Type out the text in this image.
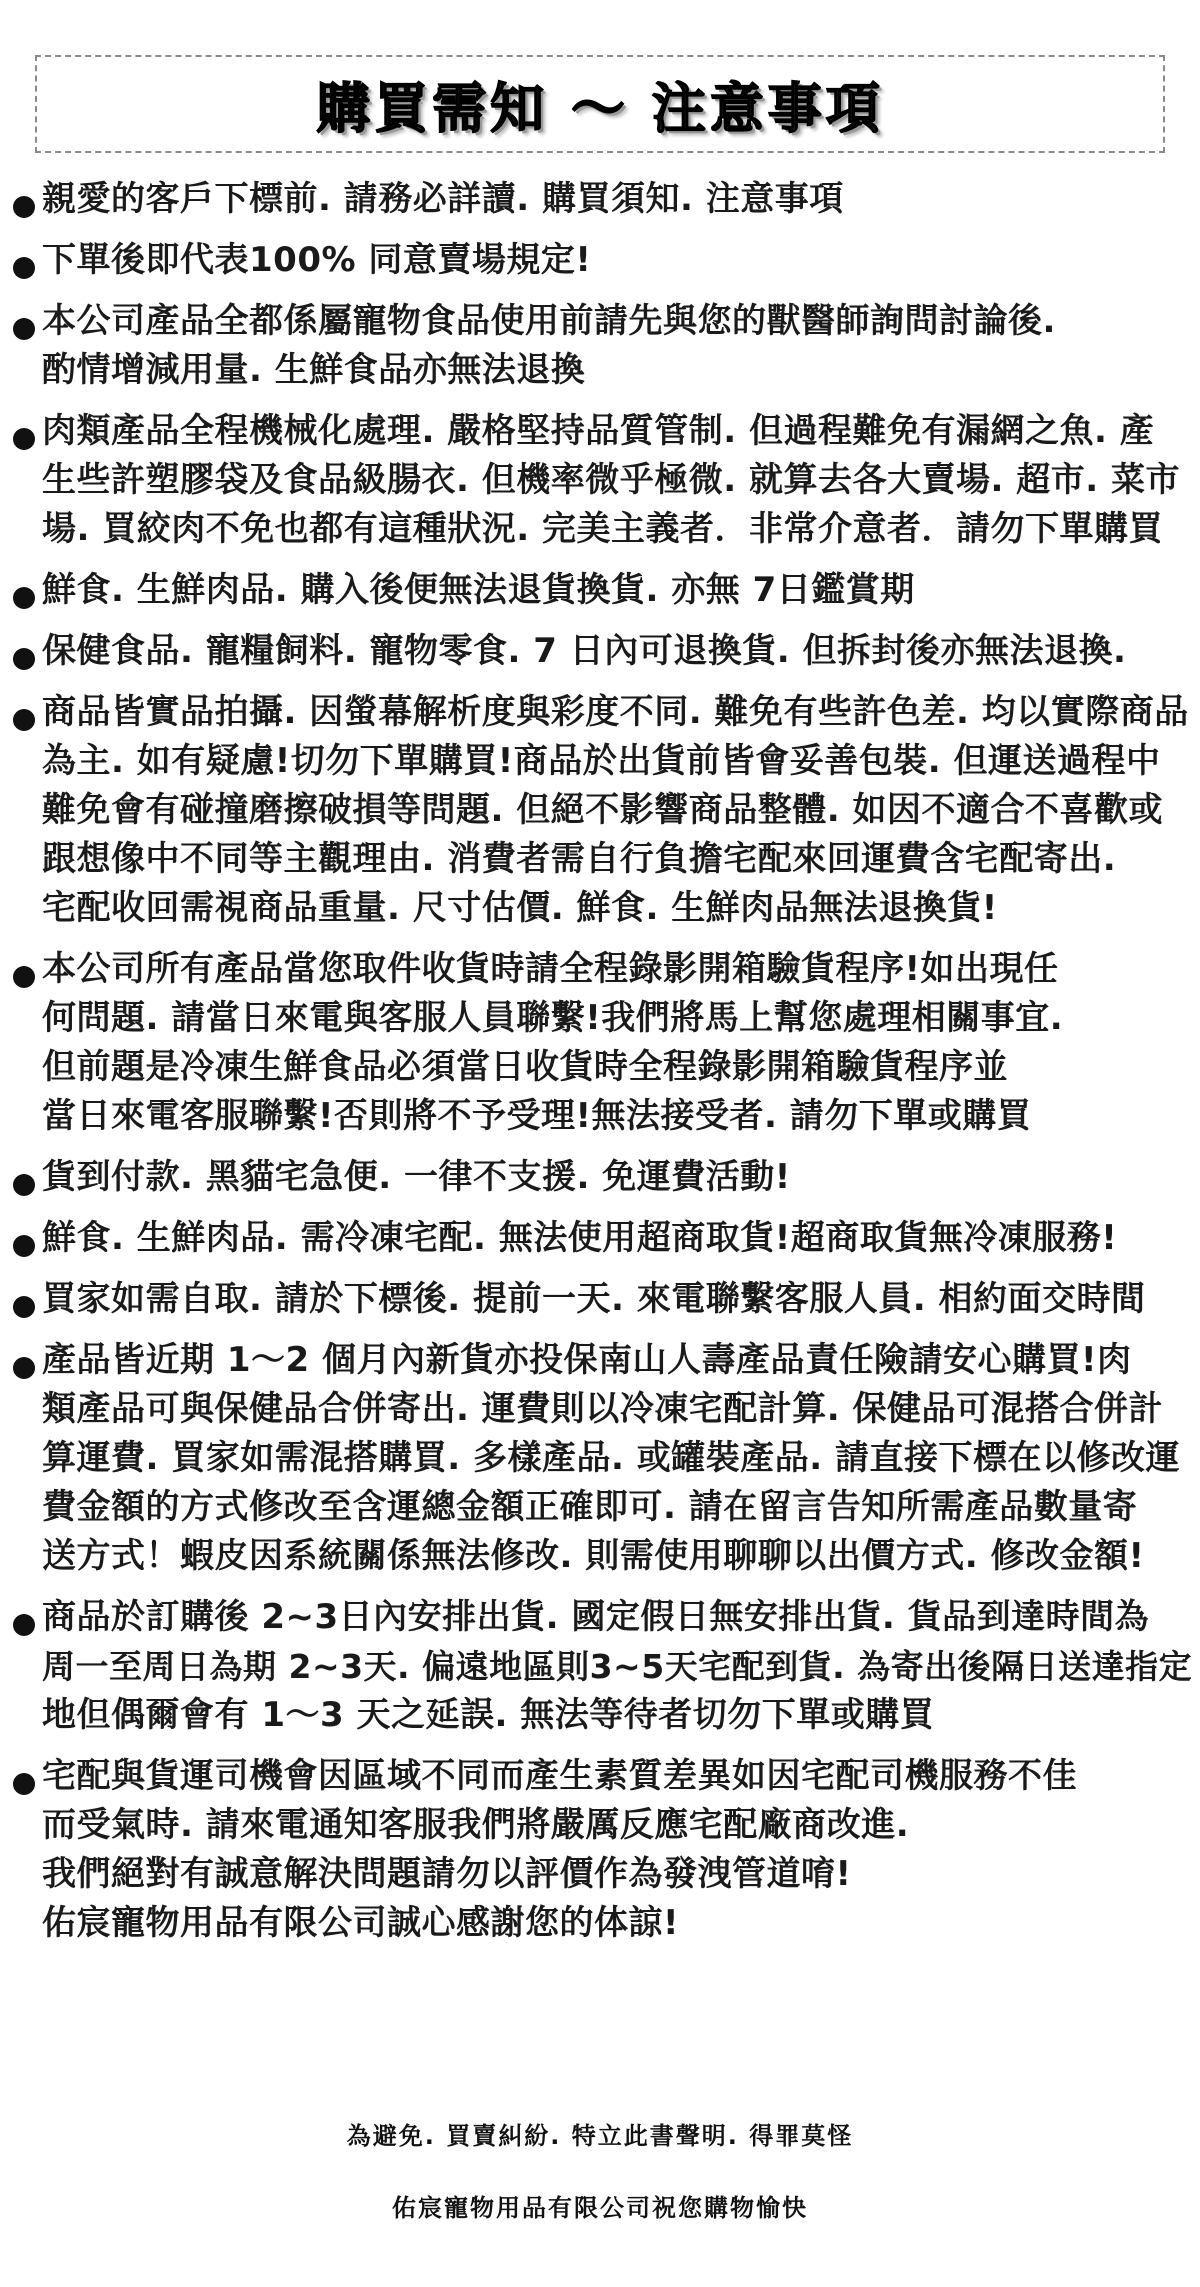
購買需知 ～ 注意事項
親愛的客戶下標前. 請務必詳讀. 購買須知. 注意事項
下單後即代表100% 同意賣場規定!
本公司產品全都係屬寵物食品使用前請先與您的獸醫師詢問討論後.
酌情增減用量. 生鮮食品亦無法退換
肉類產品全程機械化處理. 嚴格堅持品質管制. 但過程難免有漏網之魚. 產
生些許塑膠袋及食品級腸衣. 但機率微乎極微. 就算去各大賣場. 超市. 菜市
場. 買絞肉不免也都有這種狀況. 完美主義者．非常介意者．請勿下單購買
鮮食. 生鮮肉品. 購入後便無法退貨換貨. 亦無 7日鑑賞期
保健食品. 寵糧飼料. 寵物零食. 7 日內可退換貨. 但拆封後亦無法退換.
商品皆實品拍攝. 因螢幕解析度與彩度不同. 難免有些許色差. 均以實際商品
為主. 如有疑慮!切勿下單購買!商品於出貨前皆會妥善包裝. 但運送過程中
難免會有碰撞磨擦破損等問題. 但絕不影響商品整體. 如因不適合不喜歡或
跟想像中不同等主觀理由. 消費者需自行負擔宅配來回運費含宅配寄出.
宅配收回需視商品重量. 尺寸估價. 鮮食. 生鮮肉品無法退換貨!
本公司所有產品當您取件收貨時請全程錄影開箱驗貨程序!如出現任
何問題. 請當日來電與客服人員聯繫!我們將馬上幫您處理相關事宜.
但前題是冷凍生鮮食品必須當日收貨時全程錄影開箱驗貨程序並
當日來電客服聯繫!否則將不予受理!無法接受者. 請勿下單或購買
貨到付款. 黑貓宅急便. 一律不支援. 免運費活動!
鮮食. 生鮮肉品. 需冷凍宅配. 無法使用超商取貨!超商取貨無冷凍服務!
買家如需自取. 請於下標後. 提前一天. 來電聯繫客服人員. 相約面交時間
產品皆近期 1～2 個月內新貨亦投保南山人壽產品責任險請安心購買!肉
類產品可與保健品合併寄出. 運費則以冷凍宅配計算. 保健品可混搭合併計
算運費. 買家如需混搭購買. 多樣產品. 或罐裝產品. 請直接下標在以修改運
費金額的方式修改至含運總金額正確即可. 請在留言告知所需產品數量寄
送方式！蝦皮因系統關係無法修改. 則需使用聊聊以出價方式. 修改金額!
商品於訂購後 2~3日內安排出貨. 國定假日無安排出貨. 貨品到達時間為
周一至周日為期 2~3天. 偏遠地區則3~5天宅配到貨. 為寄出後隔日送達指定
地但偶爾會有 1～3 天之延誤. 無法等待者切勿下單或購買
宅配與貨運司機會因區域不同而產生素質差異如因宅配司機服務不佳
而受氣時. 請來電通知客服我們將嚴厲反應宅配廠商改進.
我們絕對有誠意解決問題請勿以評價作為發洩管道唷!
佑宸寵物用品有限公司誠心感謝您的体諒!
為避免. 買賣糾紛. 特立此書聲明. 得罪莫怪
佑宸寵物用品有限公司祝您購物愉快
